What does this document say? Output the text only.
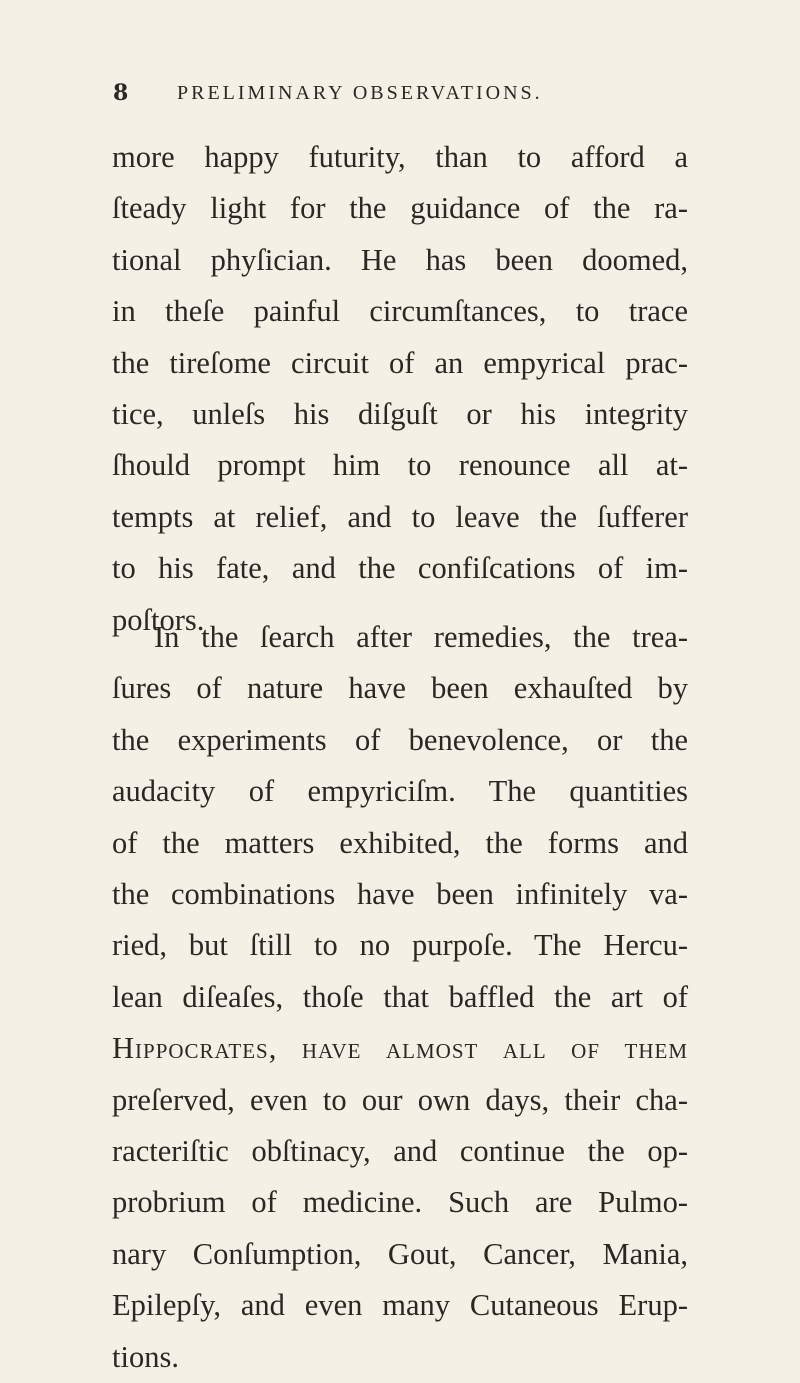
8 PRELIMINARY OBSERVATIONS.
more happy futurity, than to afford a
ſteady light for the guidance of the ra-
tional phyſician. He has been doomed,
in theſe painful circumſtances, to trace
the tireſome circuit of an empyrical prac-
tice, unleſs his diſguſt or his integrity
ſhould prompt him to renounce all at-
tempts at relief, and to leave the ſufferer
to his fate, and the confiſcations of im-
poſtors.
In the ſearch after remedies, the trea-
ſures of nature have been exhauſted by
the experiments of benevolence, or the
audacity of empyriciſm. The quantities
of the matters exhibited, the forms and
the combinations have been infinitely va-
ried, but ſtill to no purpoſe. The Hercu-
lean diſeaſes, thoſe that baffled the art of
Hippocrates, have almoſt all of them
preſerved, even to our own days, their cha-
racteriſtic obſtinacy, and continue the op-
probrium of medicine. Such are Pulmo-
nary Conſumption, Gout, Cancer, Mania,
Epilepſy, and even many Cutaneous Erup-
tions.
